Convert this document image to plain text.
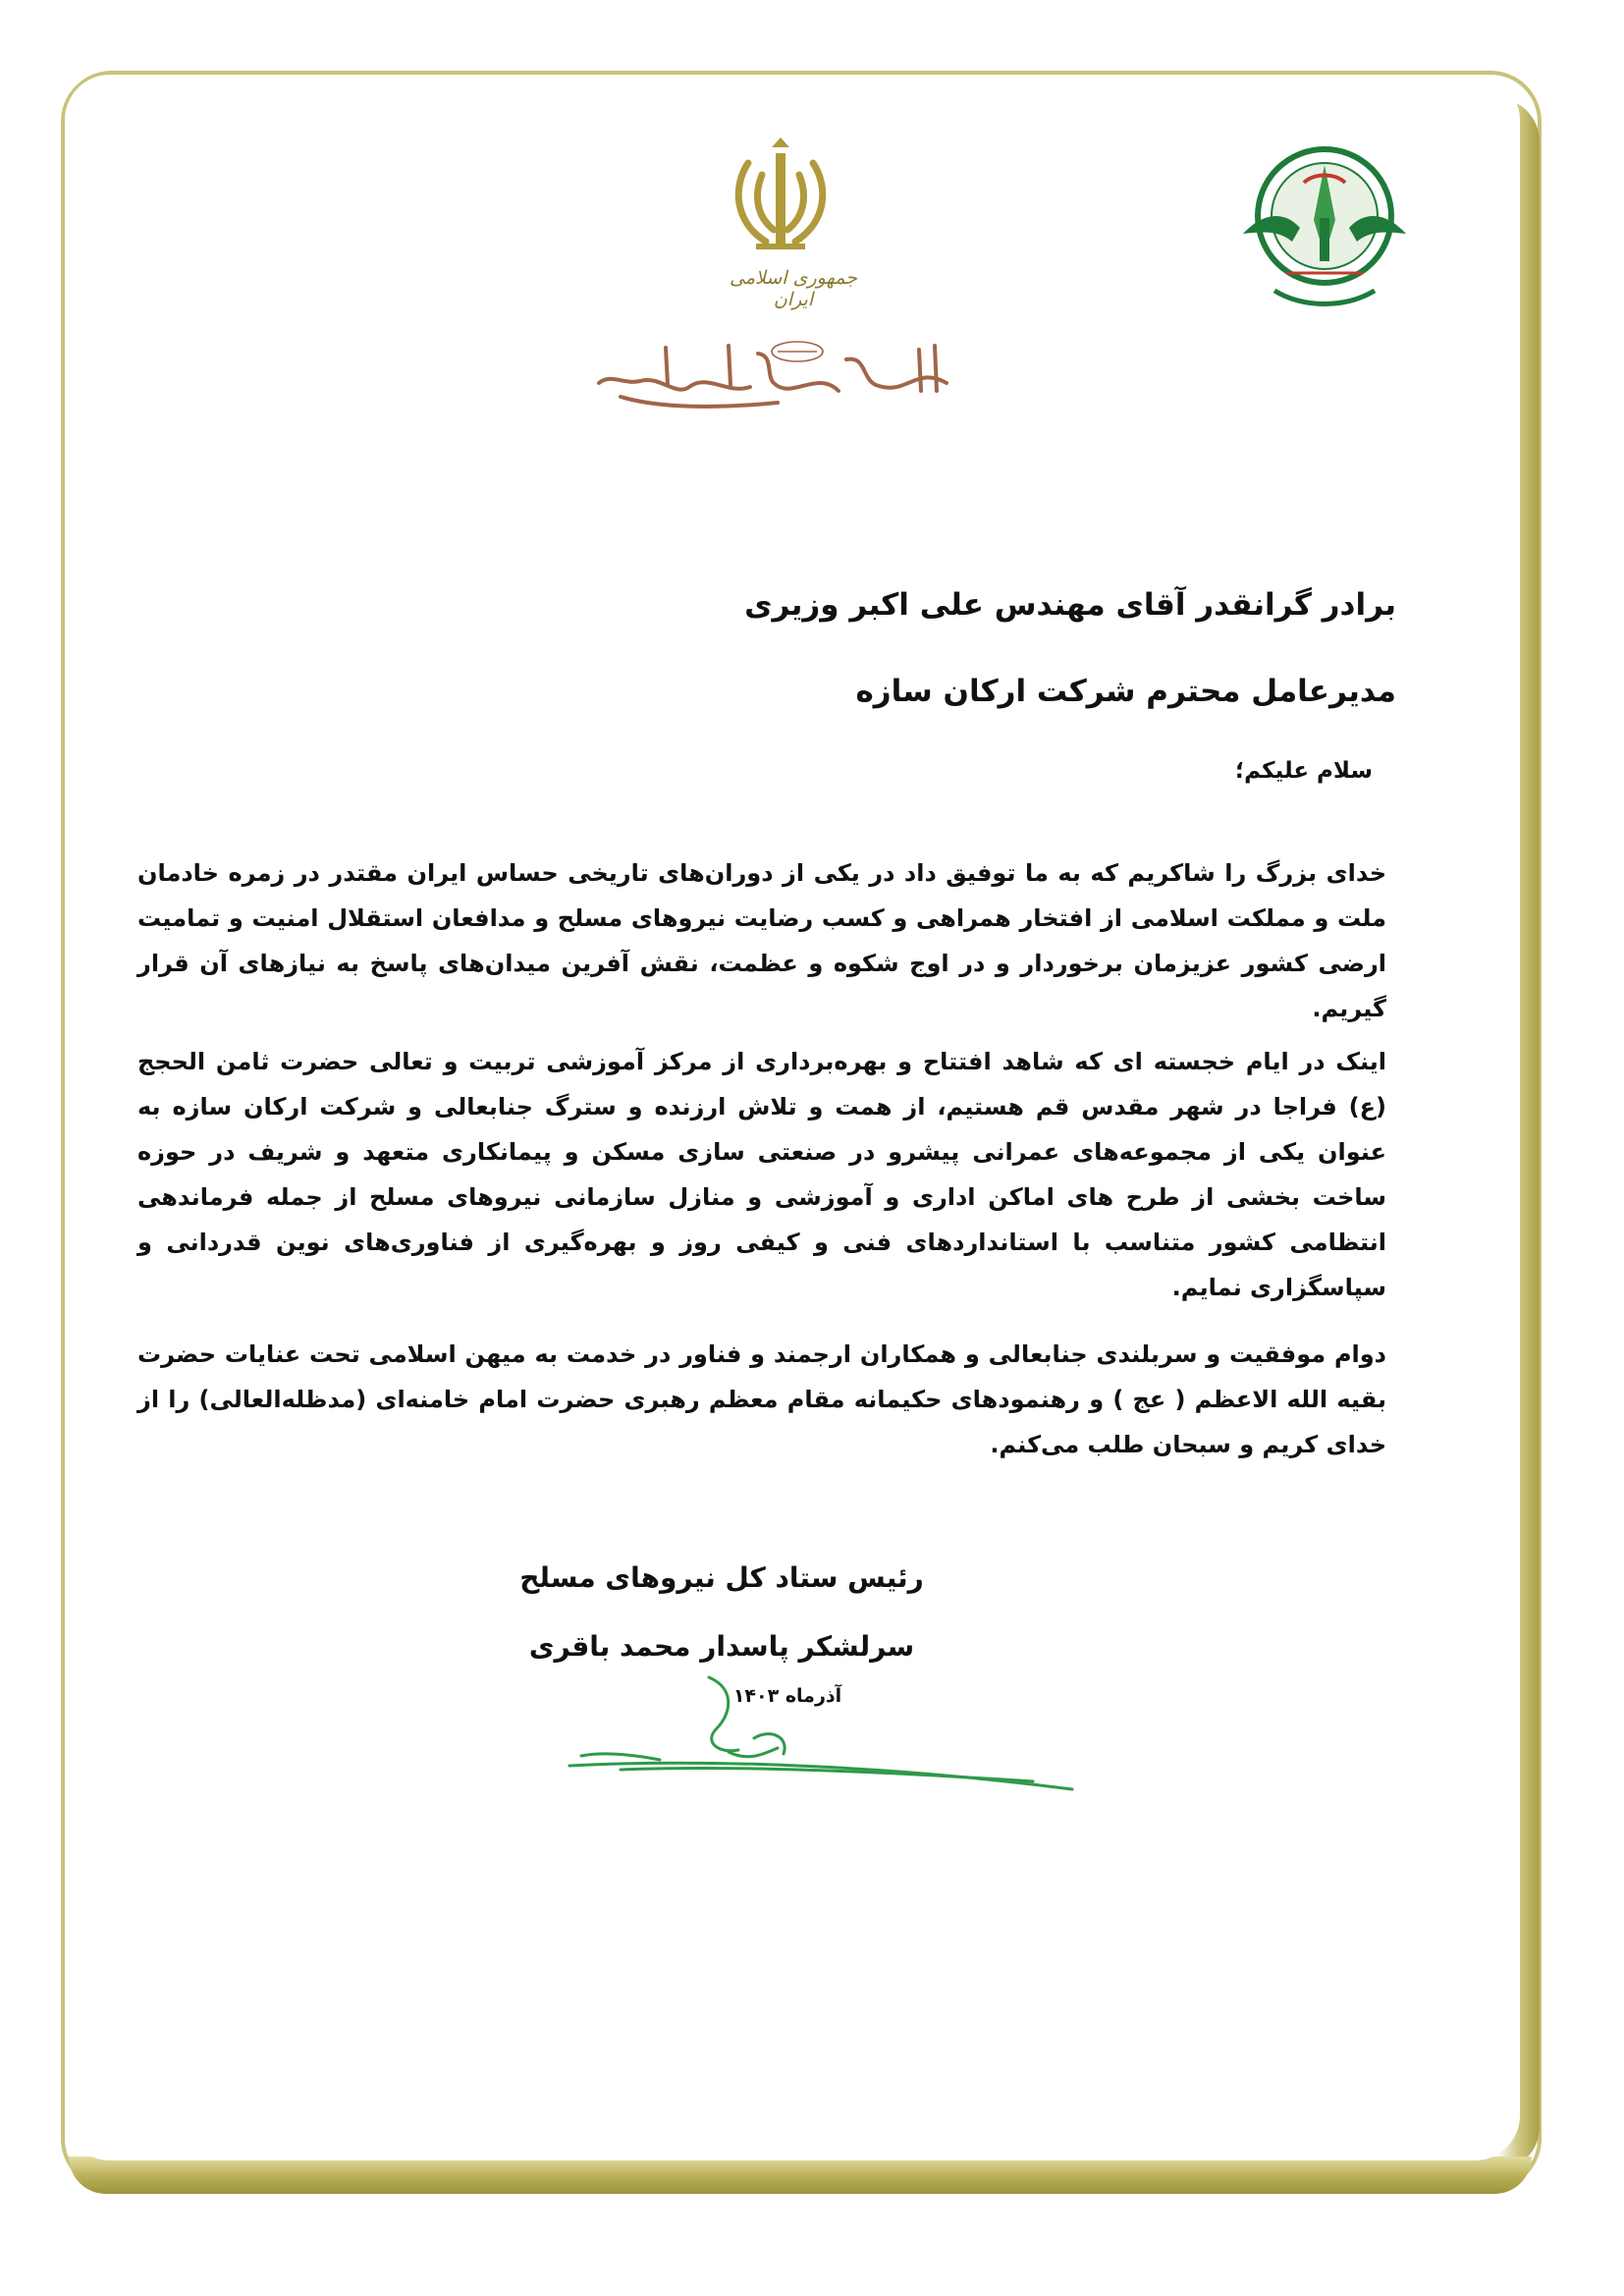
جمهوری اسلامی ایران
برادر گرانقدر آقای مهندس علی اکبر وزیری
مدیرعامل محترم شرکت ارکان سازه
سلام علیکم؛

خدای بزرگ را شاکریم که به ما توفیق داد در یکی از دوران‌های تاریخی حساس ایران مقتدر در زمره خادمان ملت و مملکت اسلامی از افتخار همراهی و کسب رضایت نیروهای مسلح و مدافعان استقلال امنیت و تمامیت ارضی کشور عزیزمان برخوردار و در اوج شکوه و عظمت، نقش آفرین میدان‌های پاسخ به نیازهای آن قرار گیریم.

اینک در ایام خجسته ای که شاهد افتتاح و بهره‌برداری از مرکز آموزشی تربیت و تعالی حضرت ثامن الحجج (ع) فراجا در شهر مقدس قم هستیم، از همت و تلاش ارزنده و سترگ جنابعالی و شرکت ارکان سازه به عنوان یکی از مجموعه‌های عمرانی پیشرو در صنعتی سازی مسکن و پیمانکاری متعهد و شریف در حوزه ساخت بخشی از طرح های اماکن اداری و آموزشی و منازل سازمانی نیروهای مسلح از جمله فرماندهی انتظامی کشور متناسب با استانداردهای فنی و کیفی روز و بهره‌گیری از فناوری‌های نوین قدردانی و سپاسگزاری نمایم.

دوام موفقیت و سربلندی جنابعالی و همکاران ارجمند و فناور در خدمت به میهن اسلامی تحت عنایات حضرت بقیه الله الاعظم ( عج ) و رهنمودهای حکیمانه مقام معظم رهبری حضرت امام خامنه‌ای (مدظله‌العالی) را از خدای کریم و سبحان طلب می‌کنم.

رئیس ستاد کل نیروهای مسلح
سرلشکر پاسدار محمد باقری
آذرماه ۱۴۰۳
